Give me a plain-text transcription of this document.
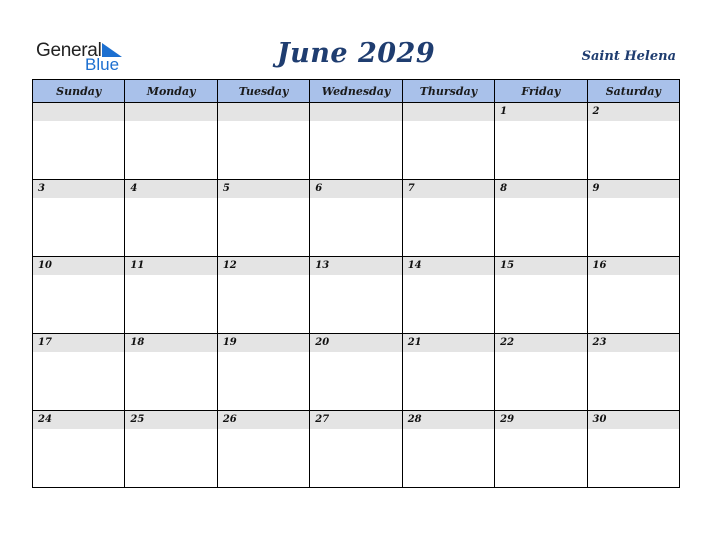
General
Blue	June 2029	Saint Helena
Sunday	Monday	Tuesday	Wednesday	Thursday	Friday	Saturday

					1	2

3	4	5	6	7	8	9

10	11	12	13	14	15	16

17	18	19	20	21	22	23

24	25	26	27	28	29	30
